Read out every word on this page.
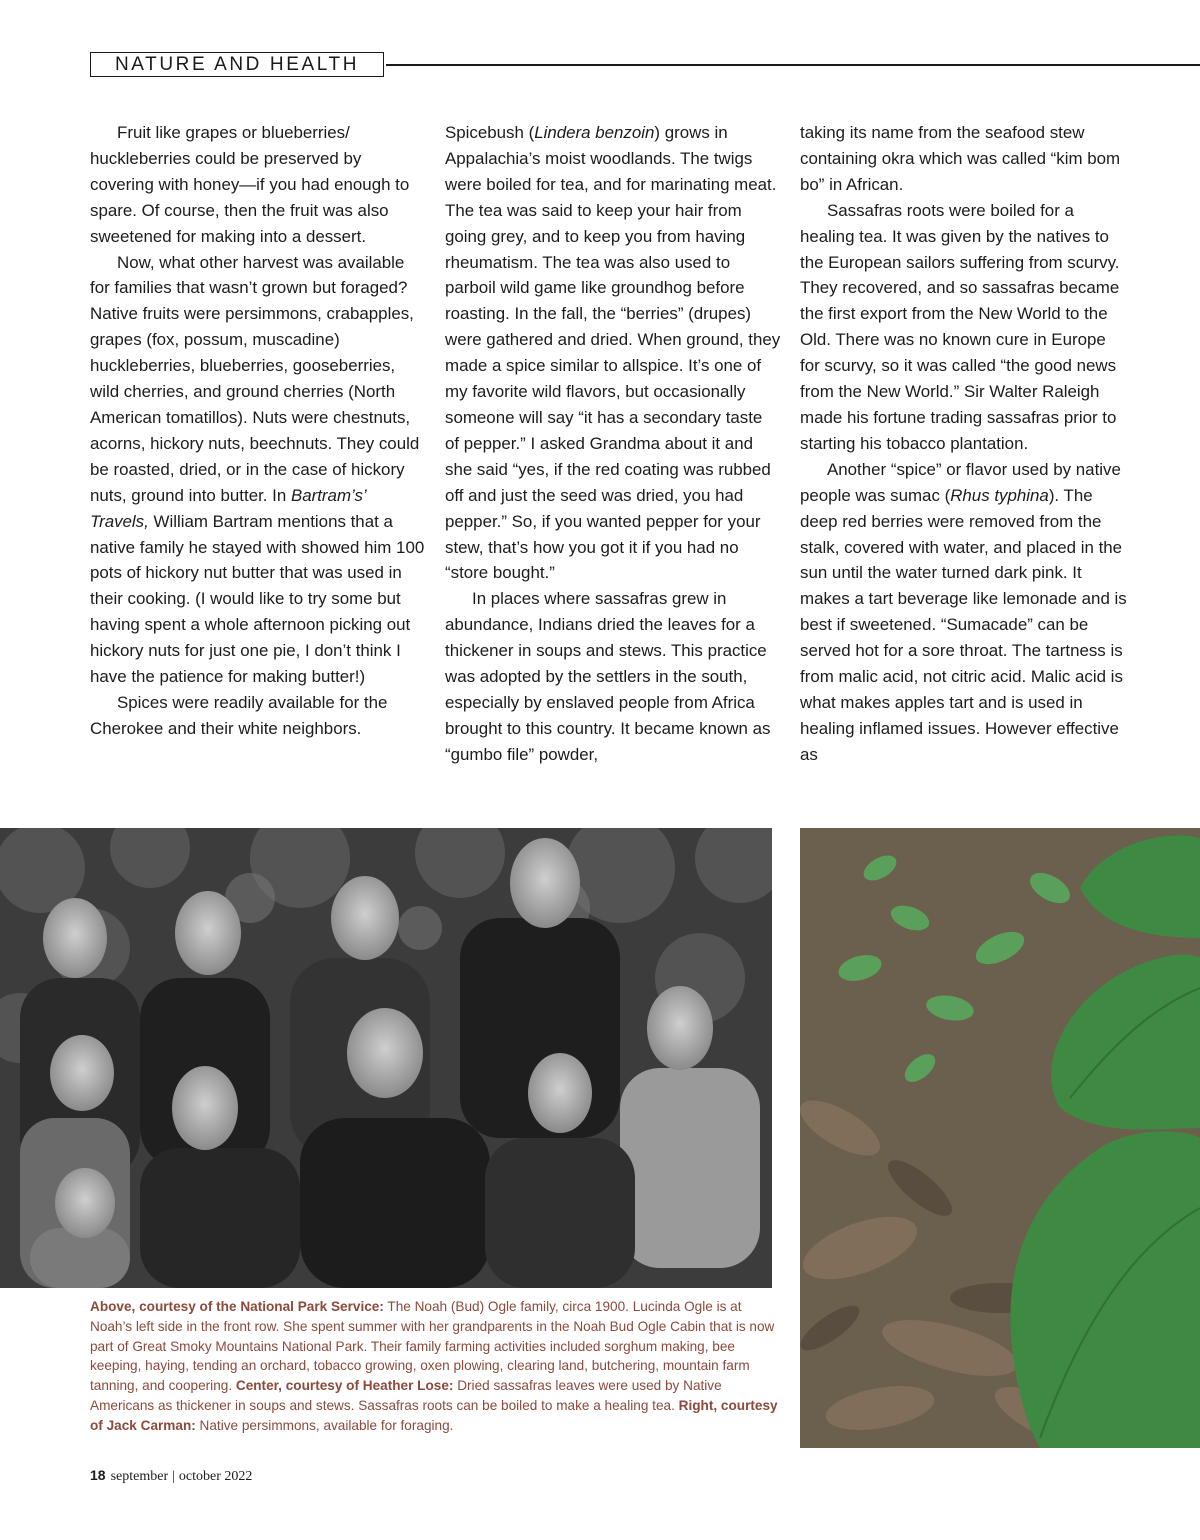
NATURE AND HEALTH

Fruit like grapes or blueberries/ huckleberries could be preserved by covering with honey—if you had enough to spare. Of course, then the fruit was also sweetened for making into a dessert.

Now, what other harvest was available for families that wasn’t grown but foraged? Native fruits were persimmons, crabapples, grapes (fox, possum, muscadine) huckleberries, blueberries, gooseberries, wild cherries, and ground cherries (North American tomatillos). Nuts were chestnuts, acorns, hickory nuts, beechnuts. They could be roasted, dried, or in the case of hickory nuts, ground into butter. In Bartram’s’ Travels, William Bartram mentions that a native family he stayed with showed him 100 pots of hickory nut butter that was used in their cooking. (I would like to try some but having spent a whole afternoon picking out hickory nuts for just one pie, I don’t think I have the patience for making butter!)

Spices were readily available for the Cherokee and their white neighbors.

Spicebush (Lindera benzoin) grows in Appalachia’s moist woodlands. The twigs were boiled for tea, and for marinating meat. The tea was said to keep your hair from going grey, and to keep you from having rheumatism. The tea was also used to parboil wild game like groundhog before roasting. In the fall, the “berries” (drupes) were gathered and dried. When ground, they made a spice similar to allspice. It’s one of my favorite wild flavors, but occasionally someone will say “it has a secondary taste of pepper.” I asked Grandma about it and she said “yes, if the red coating was rubbed off and just the seed was dried, you had pepper.” So, if you wanted pepper for your stew, that’s how you got it if you had no “store bought.”

In places where sassafras grew in abundance, Indians dried the leaves for a thickener in soups and stews. This practice was adopted by the settlers in the south, especially by enslaved people from Africa brought to this country. It became known as “gumbo file” powder,

taking its name from the seafood stew containing okra which was called “kim bom bo” in African.

Sassafras roots were boiled for a healing tea. It was given by the natives to the European sailors suffering from scurvy. They recovered, and so sassafras became the first export from the New World to the Old. There was no known cure in Europe for scurvy, so it was called “the good news from the New World.” Sir Walter Raleigh made his fortune trading sassafras prior to starting his tobacco plantation.

Another “spice” or flavor used by native people was sumac (Rhus typhina). The deep red berries were removed from the stalk, covered with water, and placed in the sun until the water turned dark pink. It makes a tart beverage like lemonade and is best if sweetened. “Sumacade” can be served hot for a sore throat. The tartness is from malic acid, not citric acid. Malic acid is what makes apples tart and is used in healing inflamed issues. However effective as

Above, courtesy of the National Park Service: The Noah (Bud) Ogle family, circa 1900. Lucinda Ogle is at Noah’s left side in the front row. She spent summer with her grandparents in the Noah Bud Ogle Cabin that is now part of Great Smoky Mountains National Park. Their family farming activities included sorghum making, bee keeping, haying, tending an orchard, tobacco growing, oxen plowing, clearing land, butchering, mountain farm tanning, and coopering. Center, courtesy of Heather Lose: Dried sassafras leaves were used by Native Americans as thickener in soups and stews. Sassafras roots can be boiled to make a healing tea. Right, courtesy of Jack Carman: Native persimmons, available for foraging.
18 september | october 2022
